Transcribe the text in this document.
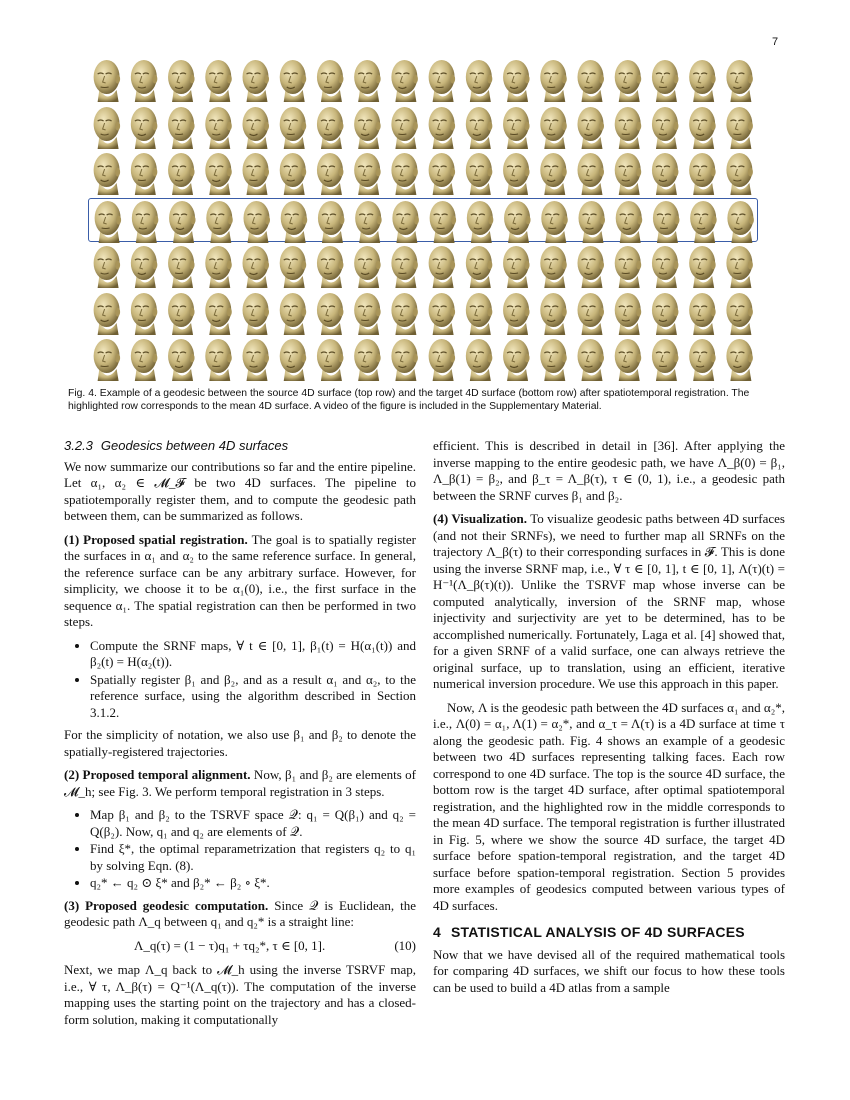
7
Fig. 4. Example of a geodesic between the source 4D surface (top row) and the target 4D surface (bottom row) after spatiotemporal registration. The highlighted row corresponds to the mean 4D surface. A video of the figure is included in the Supplementary Material.
3.2.3 Geodesics between 4D surfaces

We now summarize our contributions so far and the entire pipeline. Let α₁, α₂ ∈ 𝓜_𝓕 be two 4D surfaces. The pipeline to spatiotemporally register them, and to compute the geodesic path between them, can be summarized as follows.

(1) Proposed spatial registration. The goal is to spatially register the surfaces in α₁ and α₂ to the same reference surface. In general, the reference surface can be any arbitrary surface. However, for simplicity, we choose it to be α₁(0), i.e., the first surface in the sequence α₁. The spatial registration can then be performed in two steps.

• Compute the SRNF maps, ∀ t ∈ [0, 1], β₁(t) = H(α₁(t)) and β₂(t) = H(α₂(t)).
• Spatially register β₁ and β₂, and as a result α₁ and α₂, to the reference surface, using the algorithm described in Section 3.1.2.

For the simplicity of notation, we also use β₁ and β₂ to denote the spatially-registered trajectories.

(2) Proposed temporal alignment. Now, β₁ and β₂ are elements of 𝓜_h; see Fig. 3. We perform temporal registration in 3 steps.

• Map β₁ and β₂ to the TSRVF space 𝒬: q₁ = Q(β₁) and q₂ = Q(β₂). Now, q₁ and q₂ are elements of 𝒬.
• Find ξ*, the optimal reparametrization that registers q₂ to q₁ by solving Eqn. (8).
• q₂* ← q₂ ⊙ ξ* and β₂* ← β₂ ∘ ξ*.

(3) Proposed geodesic computation. Since 𝒬 is Euclidean, the geodesic path Λ_q between q₁ and q₂* is a straight line:

Λ_q(τ) = (1 − τ)q₁ + τq₂*, τ ∈ [0, 1].	(10)

Next, we map Λ_q back to 𝓜_h using the inverse TSRVF map, i.e., ∀ τ, Λ_β(τ) = Q⁻¹(Λ_q(τ)). The computation of the inverse mapping uses the starting point on the trajectory and has a closed-form solution, making it computationally

efficient. This is described in detail in [36]. After applying the inverse mapping to the entire geodesic path, we have Λ_β(0) = β₁, Λ_β(1) = β₂, and β_τ = Λ_β(τ), τ ∈ (0, 1), i.e., a geodesic path between the SRNF curves β₁ and β₂.

(4) Visualization. To visualize geodesic paths between 4D surfaces (and not their SRNFs), we need to further map all SRNFs on the trajectory Λ_β(τ) to their corresponding surfaces in 𝓕. This is done using the inverse SRNF map, i.e., ∀ τ ∈ [0, 1], t ∈ [0, 1], Λ(τ)(t) = H⁻¹(Λ_β(τ)(t)). Unlike the TSRVF map whose inverse can be computed analytically, inversion of the SRNF map, whose injectivity and surjectivity are yet to be determined, has to be accomplished numerically. Fortunately, Laga et al. [4] showed that, for a given SRNF of a valid surface, one can always retrieve the original surface, up to translation, using an efficient, iterative numerical inversion procedure. We use this approach in this paper.

Now, Λ is the geodesic path between the 4D surfaces α₁ and α₂*, i.e., Λ(0) = α₁, Λ(1) = α₂*, and α_τ = Λ(τ) is a 4D surface at time τ along the geodesic path. Fig. 4 shows an example of a geodesic between two 4D surfaces representing talking faces. Each row correspond to one 4D surface. The top is the source 4D surface, the bottom row is the target 4D surface, after optimal spatiotemporal registration, and the highlighted row in the middle corresponds to the mean 4D surface. The temporal registration is further illustrated in Fig. 5, where we show the source 4D surface, the target 4D surface before spation-temporal registration, and the target 4D surface before spation-temporal registration. Section 5 provides more examples of geodesics computed between various types of 4D surfaces.

4 STATISTICAL ANALYSIS OF 4D SURFACES

Now that we have devised all of the required mathematical tools for comparing 4D surfaces, we shift our focus to how these tools can be used to build a 4D atlas from a sample
